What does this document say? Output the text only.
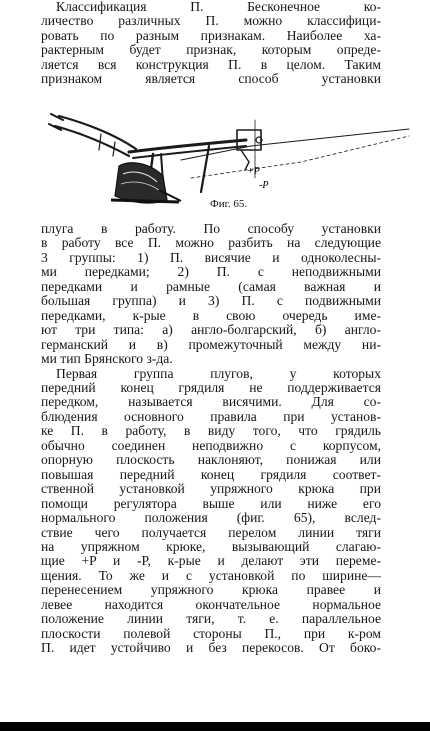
Классификация П. Бесконечное ко-
личество различных П. можно классифици-
ровать по разным признакам. Наиболее ха-
рактерным будет признак, которым опреде-
ляется вся конструкция П. в целом. Таким
признаком является способ установки
+P
-P
Фиг. 65.
плуга в работу. По способу установки
в работу все П. можно разбить на следующие
3 группы: 1) П. висячие и одноколесны-
ми передками; 2) П. с неподвижными
передками и рамные (самая важная и
большая группа) и 3) П. с подвижными
передками, к-рые в свою очередь име-
ют три типа: а) англо-болгарский, б) англо-
германский и в) промежуточный между ни-
ми тип Брянского з-да.
Первая группа плугов, у которых
передний конец грядиля не поддерживается
передком, называется висячими. Для со-
блюдения основного правила при установ-
ке П. в работу, в виду того, что грядиль
обычно соединен неподвижно с корпусом,
опорную плоскость наклоняют, понижая или
повышая передний конец грядиля соответ-
ственной установкой упряжного крюка при
помощи регулятора выше или ниже его
нормального положения (фиг. 65), вслед-
ствие чего получается перелом линии тяги
на упряжном крюке, вызывающий слагаю-
щие +P и -P, к-рые и делают эти переме-
щения. То же и с установкой по ширине—
перенесением упряжного крюка правее и
левее находится окончательное нормальное
положение линии тяги, т. е. параллельное
плоскости полевой стороны П., при к-ром
П. идет устойчиво и без перекосов. От боко-
